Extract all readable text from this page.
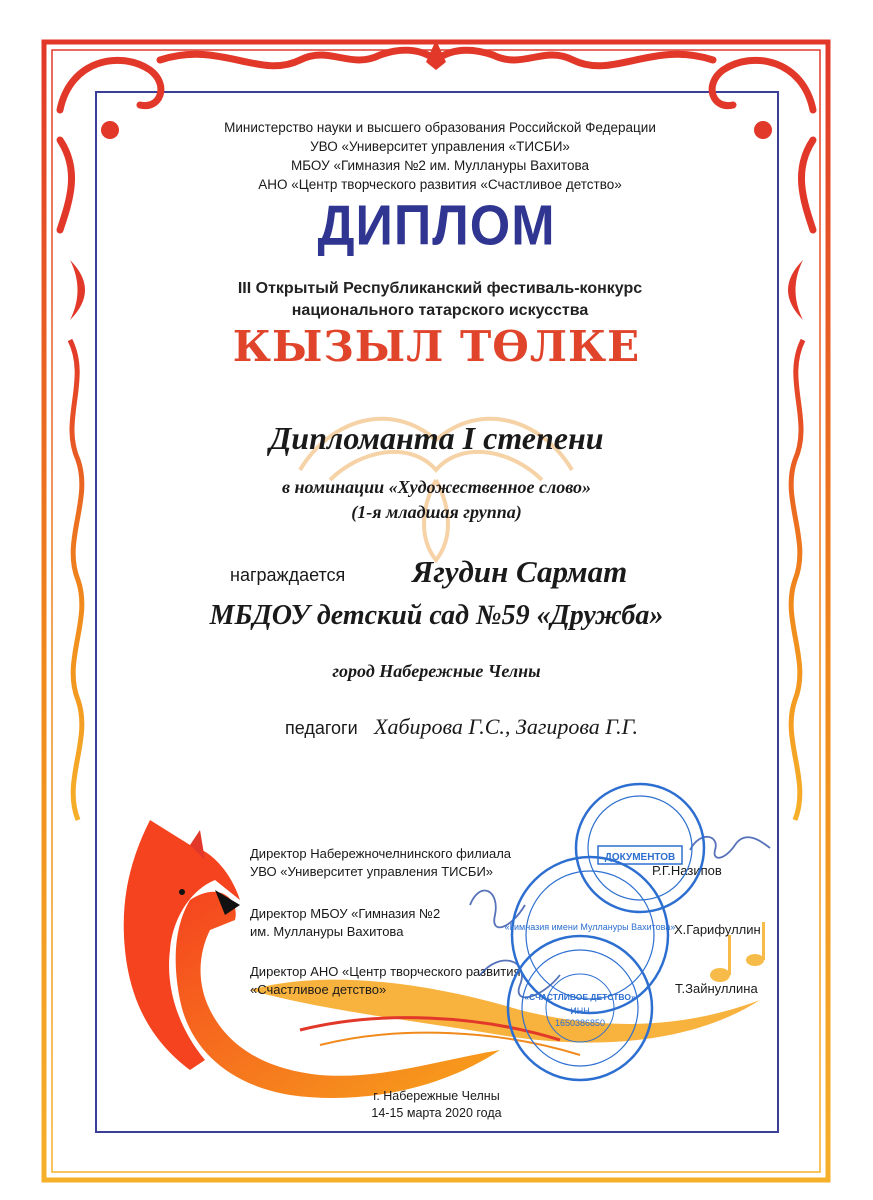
Министерство науки и высшего образования Российской Федерации
УВО «Университет управления «ТИСБИ»
МБОУ «Гимназия №2 им. Муллануры Вахитова
АНО «Центр творческого развития «Счастливое детство»
ДИПЛОМ
III Открытый Республиканский фестиваль-конкурс
национального татарского искусства
КЫЗЫЛ ТӨЛКЕ
Дипломанта I степени
в номинации «Художественное слово»
(1-я младшая группа)
награждается Ягудин Сармат
МБДОУ детский сад №59 «Дружба»
город Набережные Челны
педагоги Хабирова Г.С., Загирова Г.Г.
Директор Набережночелнинского филиала
УВО «Университет управления ТИСБИ»	Р.Г.Назипов
Директор МБОУ «Гимназия №2
им. Муллануры Вахитова	Х.Гарифуллин
Директор АНО «Центр творческого развития
«Счастливое детство»	Т.Зайнуллина
ДОКУМЕНТОВ
«Гимназия имени Муллануры Вахитова»
«СЧАСТЛИВОЕ ДЕТСТВО»
ИНН
1650386850
г. Набережные Челны
14-15 марта 2020 года
